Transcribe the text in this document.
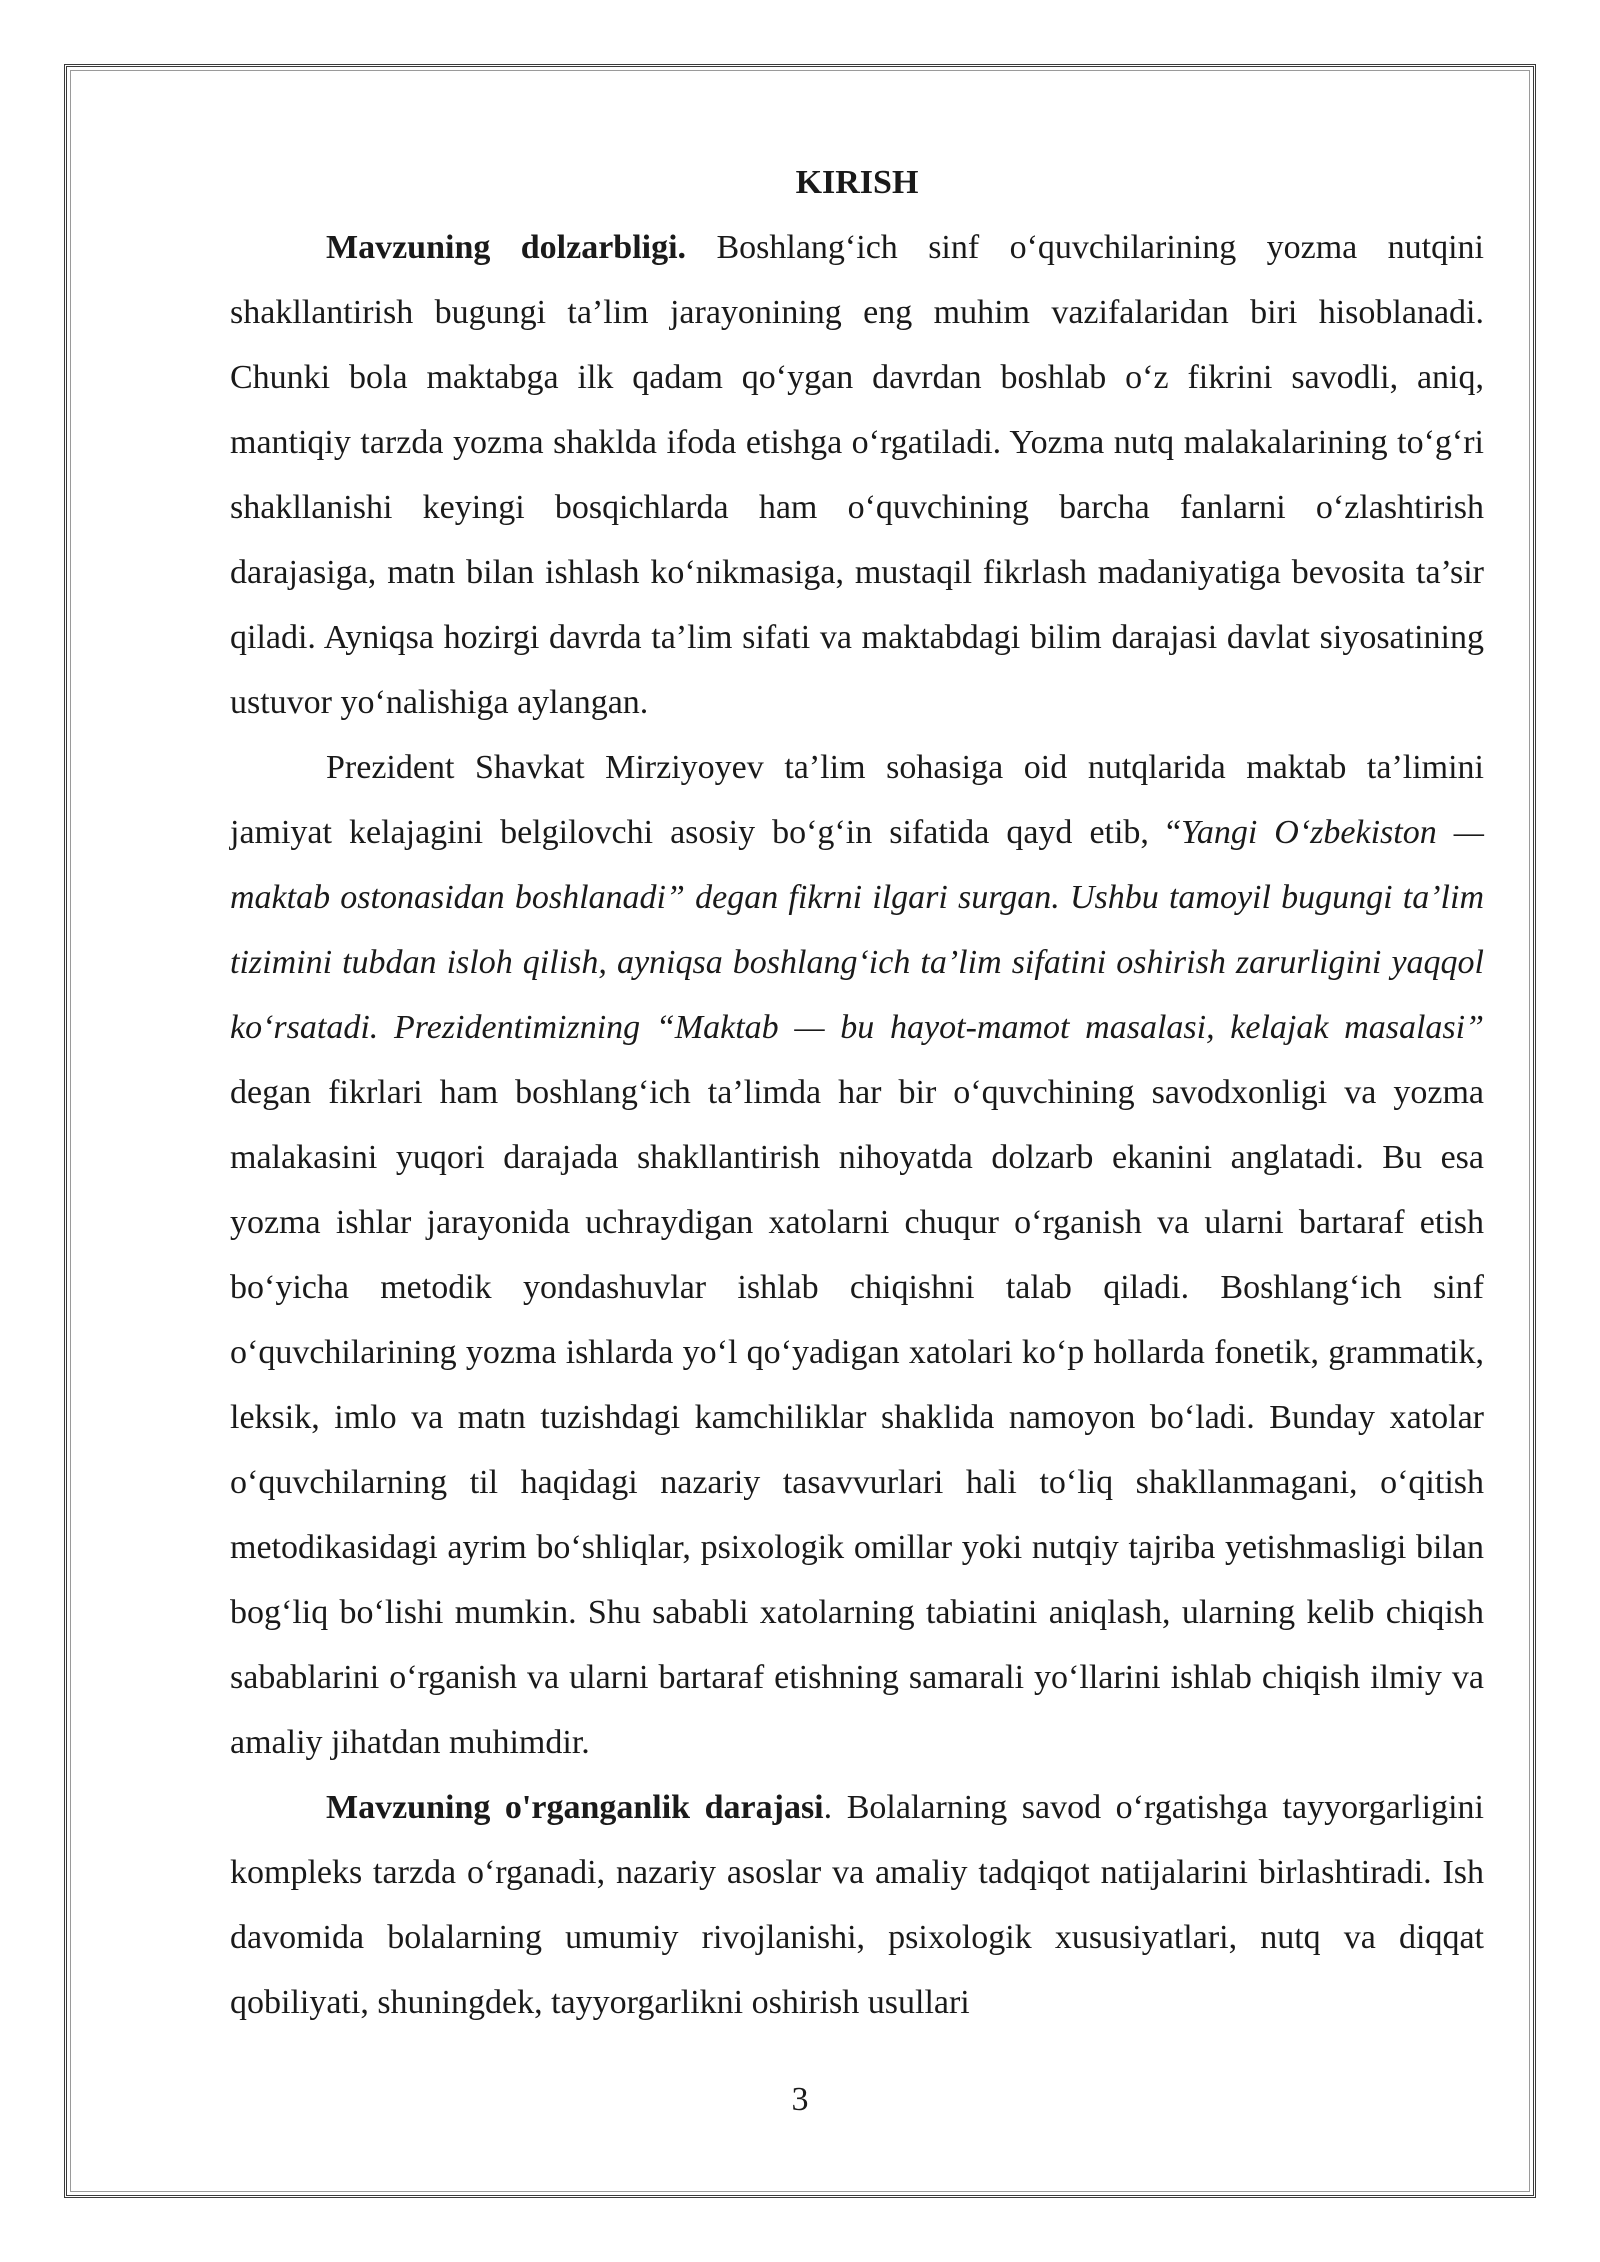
KIRISH

Mavzuning dolzarbligi. Boshlang‘ich sinf o‘quvchilarining yozma nutqini shakllantirish bugungi ta’lim jarayonining eng muhim vazifalaridan biri hisoblanadi. Chunki bola maktabga ilk qadam qo‘ygan davrdan boshlab o‘z fikrini savodli, aniq, mantiqiy tarzda yozma shaklda ifoda etishga o‘rgatiladi. Yozma nutq malakalarining to‘g‘ri shakllanishi keyingi bosqichlarda ham o‘quvchining barcha fanlarni o‘zlashtirish darajasiga, matn bilan ishlash ko‘nikmasiga, mustaqil fikrlash madaniyatiga bevosita ta’sir qiladi. Ayniqsa hozirgi davrda ta’lim sifati va maktabdagi bilim darajasi davlat siyosatining ustuvor yo‘nalishiga aylangan.

Prezident Shavkat Mirziyoyev ta’lim sohasiga oid nutqlarida maktab ta’limini jamiyat kelajagini belgilovchi asosiy bo‘g‘in sifatida qayd etib, “Yangi O‘zbekiston — maktab ostonasidan boshlanadi” degan fikrni ilgari surgan. Ushbu tamoyil bugungi ta’lim tizimini tubdan isloh qilish, ayniqsa boshlang‘ich ta’lim sifatini oshirish zarurligini yaqqol ko‘rsatadi. Prezidentimizning “Maktab — bu hayot-mamot masalasi, kelajak masalasi” degan fikrlari ham boshlang‘ich ta’limda har bir o‘quvchining savodxonligi va yozma malakasini yuqori darajada shakllantirish nihoyatda dolzarb ekanini anglatadi. Bu esa yozma ishlar jarayonida uchraydigan xatolarni chuqur o‘rganish va ularni bartaraf etish bo‘yicha metodik yondashuvlar ishlab chiqishni talab qiladi. Boshlang‘ich sinf o‘quvchilarining yozma ishlarda yo‘l qo‘yadigan xatolari ko‘p hollarda fonetik, grammatik, leksik, imlo va matn tuzishdagi kamchiliklar shaklida namoyon bo‘ladi. Bunday xatolar o‘quvchilarning til haqidagi nazariy tasavvurlari hali to‘liq shakllanmagani, o‘qitish metodikasidagi ayrim bo‘shliqlar, psixologik omillar yoki nutqiy tajriba yetishmasligi bilan bog‘liq bo‘lishi mumkin. Shu sababli xatolarning tabiatini aniqlash, ularning kelib chiqish sabablarini o‘rganish va ularni bartaraf etishning samarali yo‘llarini ishlab chiqish ilmiy va amaliy jihatdan muhimdir.

Mavzuning o'rganganlik darajasi. Bolalarning savod o‘rgatishga tayyorgarligini kompleks tarzda o‘rganadi, nazariy asoslar va amaliy tadqiqot natijalarini birlashtiradi. Ish davomida bolalarning umumiy rivojlanishi, psixologik xususiyatlari, nutq va diqqat qobiliyati, shuningdek, tayyorgarlikni oshirish usullari

3
